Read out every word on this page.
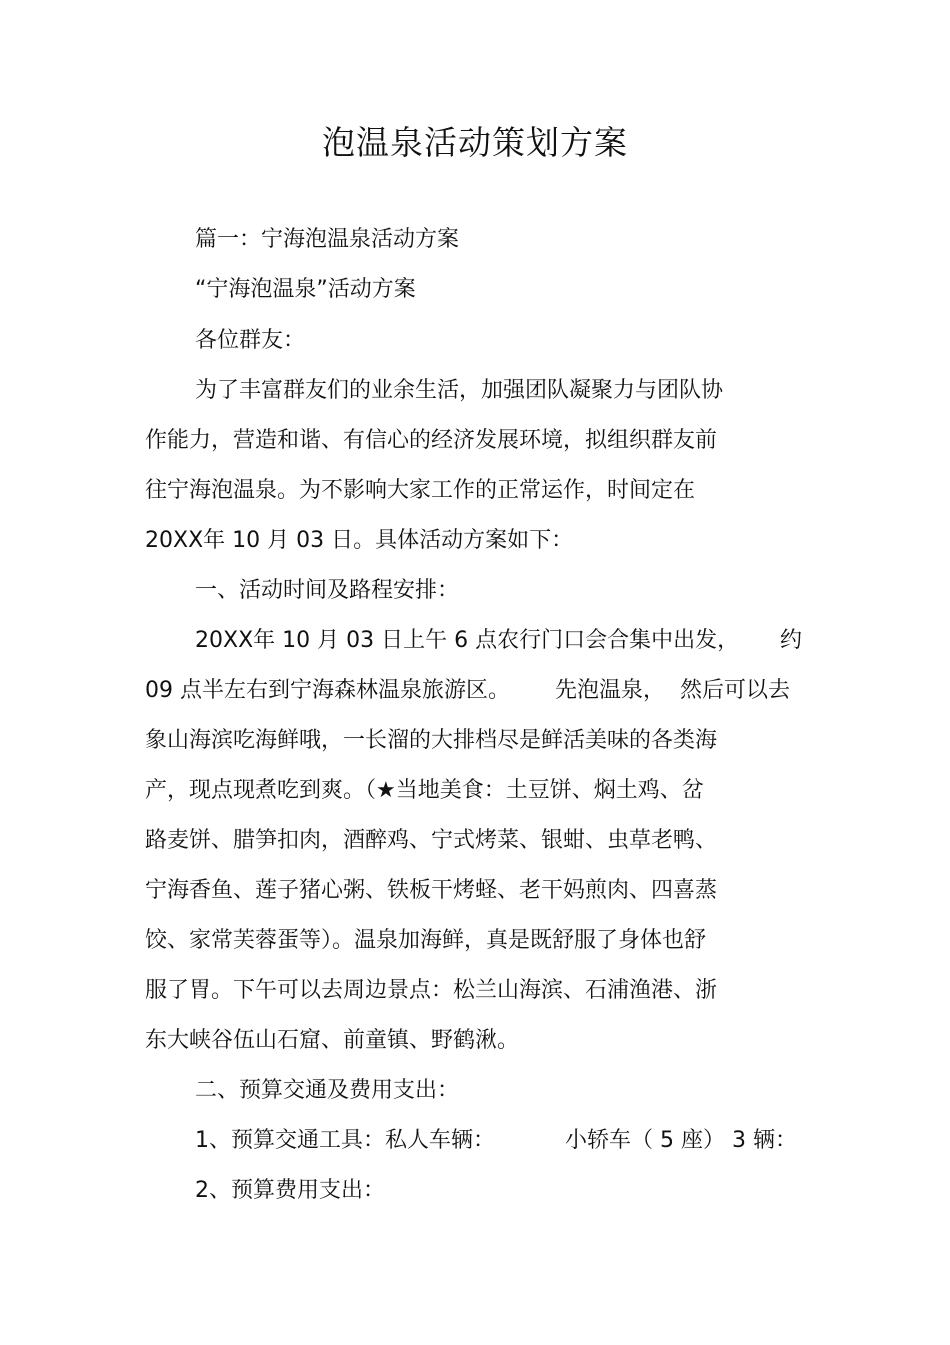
泡温泉活动策划方案
篇一：宁海泡温泉活动方案
“宁海泡温泉”活动方案
各位群友：
为了丰富群友们的业余生活，加强团队凝聚力与团队协
作能力，营造和谐、有信心的经济发展环境，拟组织群友前
往宁海泡温泉。为不影响大家工作的正常运作，时间定在
20XX年 10 月 03 日。具体活动方案如下：
一、活动时间及路程安排：
20XX年 10 月 03 日上午 6 点农行门口会合集中出发， 约
09 点半左右到宁海森林温泉旅游区。 先泡温泉， 然后可以去
象山海滨吃海鲜哦，一长溜的大排档尽是鲜活美味的各类海
产，现点现煮吃到爽。（★当地美食：土豆饼、焖土鸡、岔
路麦饼、腊笋扣肉，酒醉鸡、宁式烤菜、银蚶、虫草老鸭、
宁海香鱼、莲子猪心粥、铁板干烤蛏、老干妈煎肉、四喜蒸
饺、家常芙蓉蛋等）。温泉加海鲜，真是既舒服了身体也舒
服了胃。下午可以去周边景点：松兰山海滨、石浦渔港、浙
东大峡谷伍山石窟、前童镇、野鹤湫。
二、预算交通及费用支出：
1、预算交通工具：私人车辆：	小轿车（ 5 座） 3 辆：
2、预算费用支出：
